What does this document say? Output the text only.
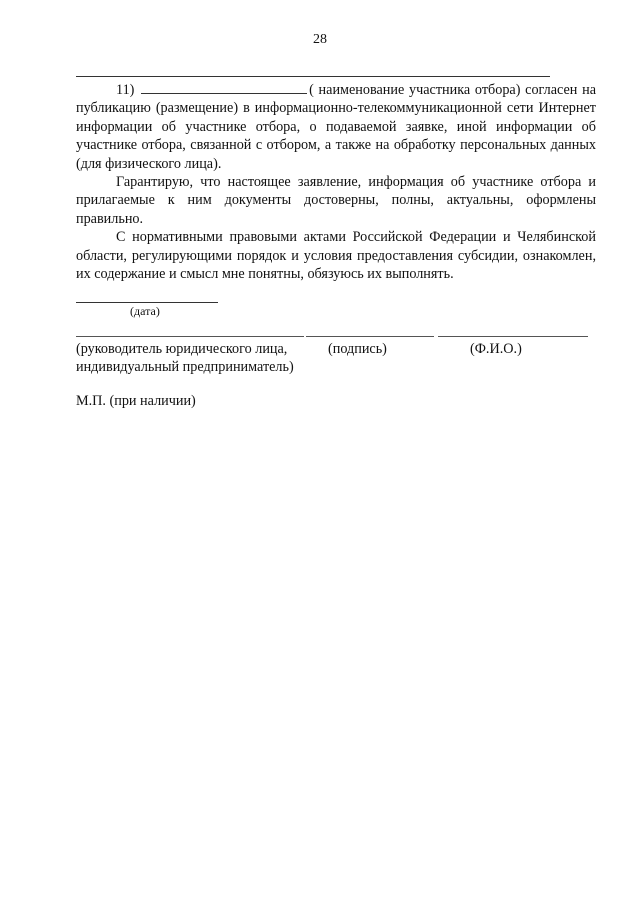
28

11)	( наименование участника отбора) согласен на публикацию (размещение) в информационно-телекоммуникационной сети Интернет информации об участнике отбора, о подаваемой заявке, иной информации об участнике отбора, связанной с отбором, а также на обработку персональных данных (для физического лица).

Гарантирую, что настоящее заявление, информация об участнике отбора и прилагаемые к ним документы достоверны, полны, актуальны, оформлены правильно.

С нормативными правовыми актами Российской Федерации и Челябинской области, регулирующими порядок и условия предоставления субсидии, ознакомлен, их содержание и смысл мне понятны, обязуюсь их выполнять.

(дата)
(руководитель юридического лица,
индивидуальный предприниматель)
(подпись)	(Ф.И.О.)
М.П. (при наличии)
